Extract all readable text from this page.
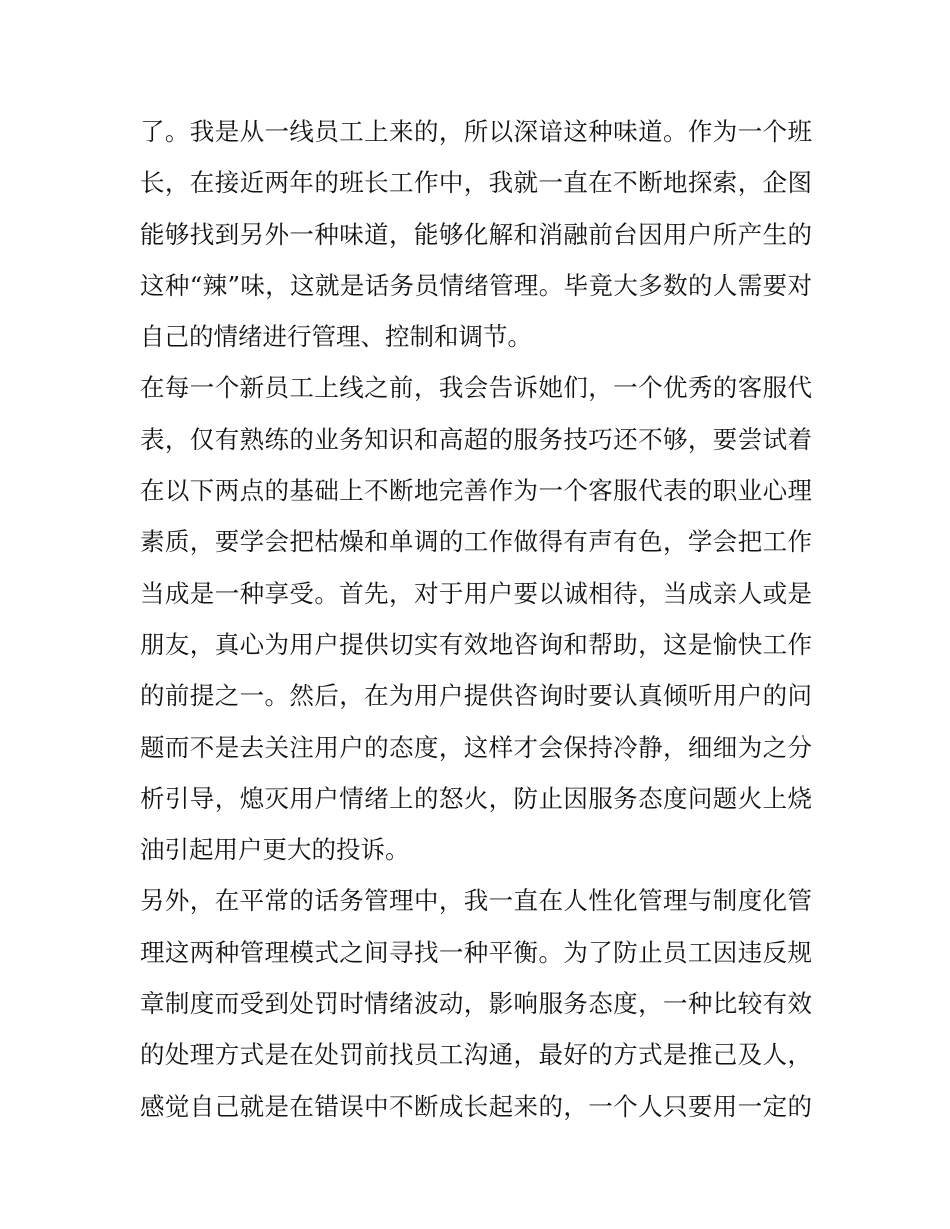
了。我是从一线员工上来的，所以深谙这种味道。作为一个班
长，在接近两年的班长工作中，我就一直在不断地探索，企图
能够找到另外一种味道，能够化解和消融前台因用户所产生的
这种“辣”味，这就是话务员情绪管理。毕竟大多数的人需要对
自己的情绪进行管理、控制和调节。
在每一个新员工上线之前，我会告诉她们，一个优秀的客服代
表，仅有熟练的业务知识和高超的服务技巧还不够，要尝试着
在以下两点的基础上不断地完善作为一个客服代表的职业心理
素质，要学会把枯燥和单调的工作做得有声有色，学会把工作
当成是一种享受。首先，对于用户要以诚相待，当成亲人或是
朋友，真心为用户提供切实有效地咨询和帮助，这是愉快工作
的前提之一。然后，在为用户提供咨询时要认真倾听用户的问
题而不是去关注用户的态度，这样才会保持冷静，细细为之分
析引导，熄灭用户情绪上的怒火，防止因服务态度问题火上烧
油引起用户更大的投诉。
另外，在平常的话务管理中，我一直在人性化管理与制度化管
理这两种管理模式之间寻找一种平衡。为了防止员工因违反规
章制度而受到处罚时情绪波动，影响服务态度，一种比较有效
的处理方式是在处罚前找员工沟通，最好的方式是推己及人，
感觉自己就是在错误中不断成长起来的，一个人只要用一定的
